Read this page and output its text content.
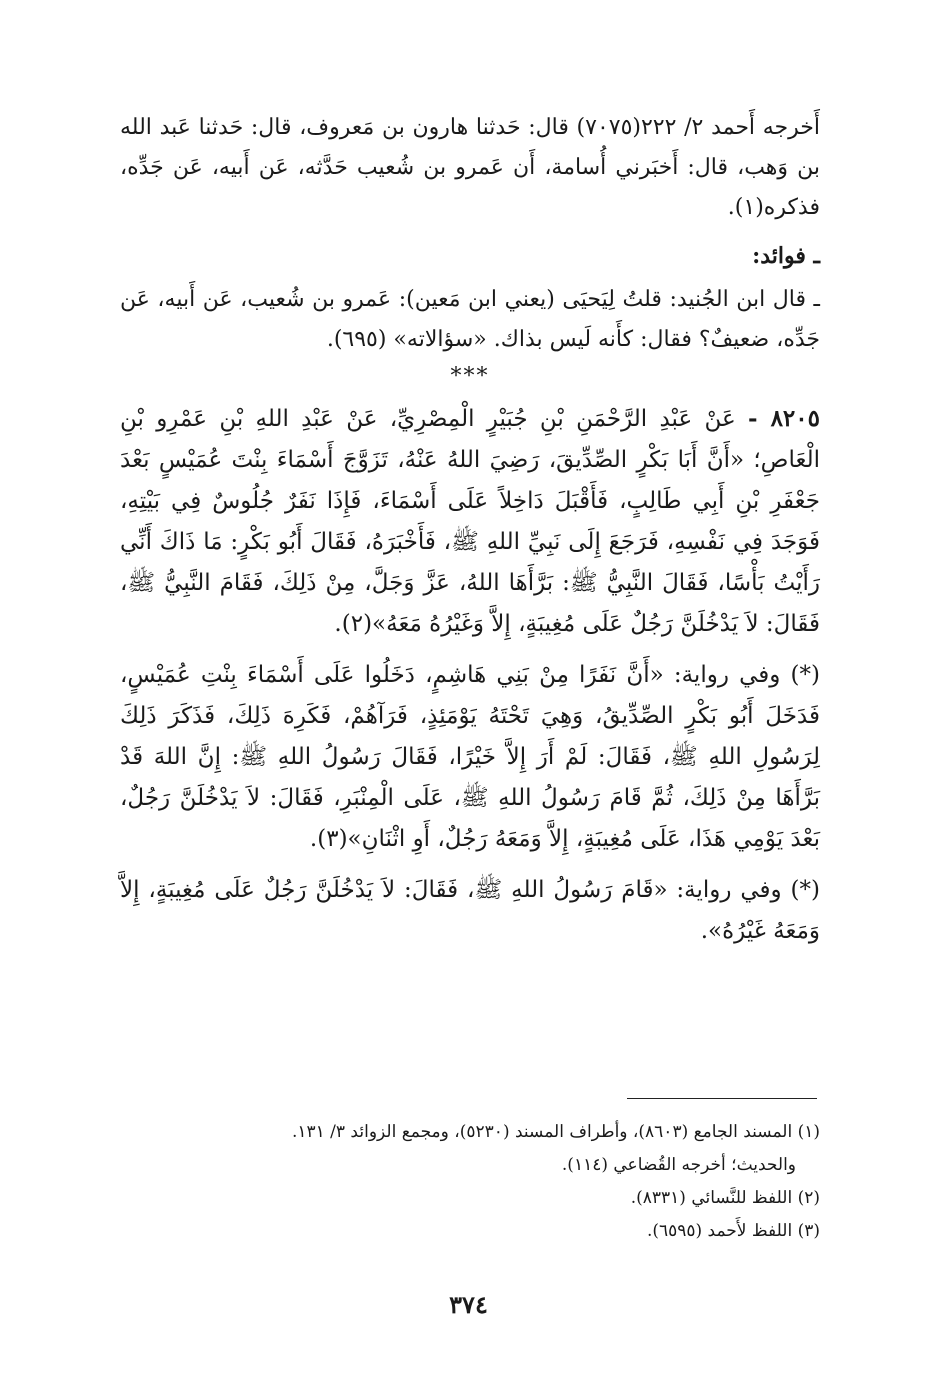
أَخرجه أَحمد ٢/ ٢٢٢(٧٠٧٥) قال: حَدثنا هارون بن مَعروف، قال: حَدثنا عَبد الله بن وَهب، قال: أَخبَرني أُسامة، أَن عَمرو بن شُعيب حَدَّثه، عَن أَبيه، عَن جَدِّه، فذكره(١).

ـ فوائد:

ـ قال ابن الجُنيد: قلتُ لِيَحيَى (يعني ابن مَعين): عَمرو بن شُعيب، عَن أَبيه، عَن جَدِّه، ضعيفٌ؟ فقال: كأَنه لَيس بذاك. «سؤالاته» (٦٩٥).

***

٨٢٠٥ - عَنْ عَبْدِ الرَّحْمَنِ بْنِ جُبَيْرٍ الْمِصْرِيِّ، عَنْ عَبْدِ اللهِ بْنِ عَمْرِو بْنِ الْعَاصِ؛ «أَنَّ أَبَا بَكْرٍ الصِّدِّيقَ، رَضِيَ اللهُ عَنْهُ، تَزَوَّجَ أَسْمَاءَ بِنْتَ عُمَيْسٍ بَعْدَ جَعْفَرِ بْنِ أَبِي طَالِبٍ، فَأَقْبَلَ دَاخِلاً عَلَى أَسْمَاءَ، فَإِذَا نَفَرٌ جُلُوسٌ فِي بَيْتِهِ، فَوَجَدَ فِي نَفْسِهِ، فَرَجَعَ إِلَى نَبِيِّ اللهِ ﷺ، فَأَخْبَرَهُ، فَقَالَ أَبُو بَكْرٍ: مَا ذَاكَ أَنِّي رَأَيْتُ بَأْسًا، فَقَالَ النَّبِيُّ ﷺ: بَرَّأَهَا اللهُ، عَزَّ وَجَلَّ، مِنْ ذَلِكَ، فَقَامَ النَّبِيُّ ﷺ، فَقَالَ: لاَ يَدْخُلَنَّ رَجُلٌ عَلَى مُغِيبَةٍ، إِلاَّ وَغَيْرُهُ مَعَهُ»(٢).

(*) وفي رواية: «أَنَّ نَفَرًا مِنْ بَنِي هَاشِمٍ، دَخَلُوا عَلَى أَسْمَاءَ بِنْتِ عُمَيْسٍ، فَدَخَلَ أَبُو بَكْرٍ الصِّدِّيقُ، وَهِيَ تَحْتَهُ يَوْمَئِذٍ، فَرَآهُمْ، فَكَرِهَ ذَلِكَ، فَذَكَرَ ذَلِكَ لِرَسُولِ اللهِ ﷺ، فَقَالَ: لَمْ أَرَ إِلاَّ خَيْرًا، فَقَالَ رَسُولُ اللهِ ﷺ: إِنَّ اللهَ قَدْ بَرَّأَهَا مِنْ ذَلِكَ، ثُمَّ قَامَ رَسُولُ اللهِ ﷺ، عَلَى الْمِنْبَرِ، فَقَالَ: لاَ يَدْخُلَنَّ رَجُلٌ، بَعْدَ يَوْمِي هَذَا، عَلَى مُغِيبَةٍ، إِلاَّ وَمَعَهُ رَجُلٌ، أَوِ اثْنَانِ»(٣).

(*) وفي رواية: «قَامَ رَسُولُ اللهِ ﷺ، فَقَالَ: لاَ يَدْخُلَنَّ رَجُلٌ عَلَى مُغِيبَةٍ، إِلاَّ وَمَعَهُ غَيْرُهُ».

(١) المسند الجامع (٨٦٠٣)، وأطراف المسند (٥٢٣٠)، ومجمع الزوائد ٣/ ١٣١.

والحديث؛ أخرجه القُضاعي (١١٤).

(٢) اللفظ للنَّسائي (٨٣٣١).

(٣) اللفظ لأَحمد (٦٥٩٥).

٣٧٤
